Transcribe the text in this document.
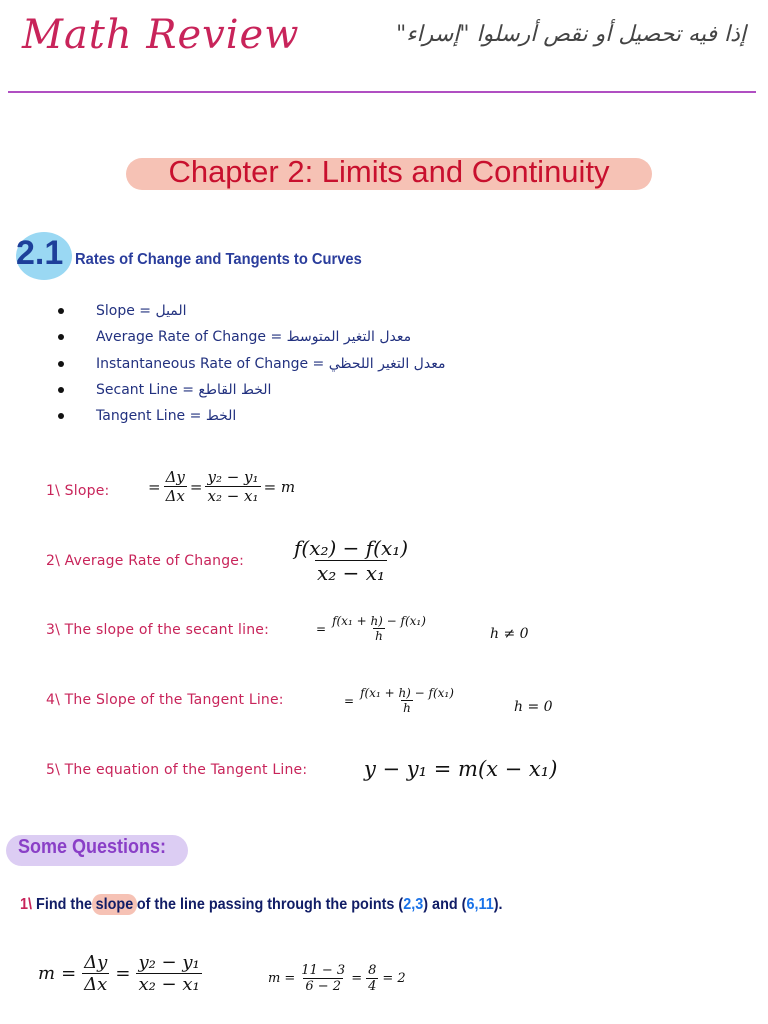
Math Review	إذا فيه تحصيل أو نقص أرسلوا "إسراء"
Chapter 2: Limits and Continuity
2.1 Rates of Change and Tangents to Curves
Slope = الميل
Average Rate of Change = معدل التغير المتوسط
Instantaneous Rate of Change = معدل التغير اللحظي
Secant Line = الخط القاطع
Tangent Line = الخط
1\ Slope:	= $\frac{\Delta y}{\Delta x} = \frac{\text{y₂ − y₁}}{\text{x₂ − x₁}} = m$
2\ Average Rate of Change: $\frac{\text{f(x₂) − f(x₁)}}{\text{x₂ − x₁}}$
3\ The slope of the secant line:	= $\frac{\text{f(x₁ + h) − f(x₁)}}{h}$	h ≠ 0
4\ The Slope of the Tangent Line:	= $\frac{\text{f(x₁ + h) − f(x₁)}}{h}$	h = 0
5\ The equation of the Tangent Line:	y − y₁ = m(x − x₁)
Some Questions:
1\ Find the slope of the line passing through the points (2,3) and (6,11).
$m = \frac{\Delta y}{\Delta x} = \frac{\text{y₂ − y₁}}{\text{x₂ − x₁}}$	$m = \frac{11 - 3}{6 - 2} = \frac{8}{4} = 2$
